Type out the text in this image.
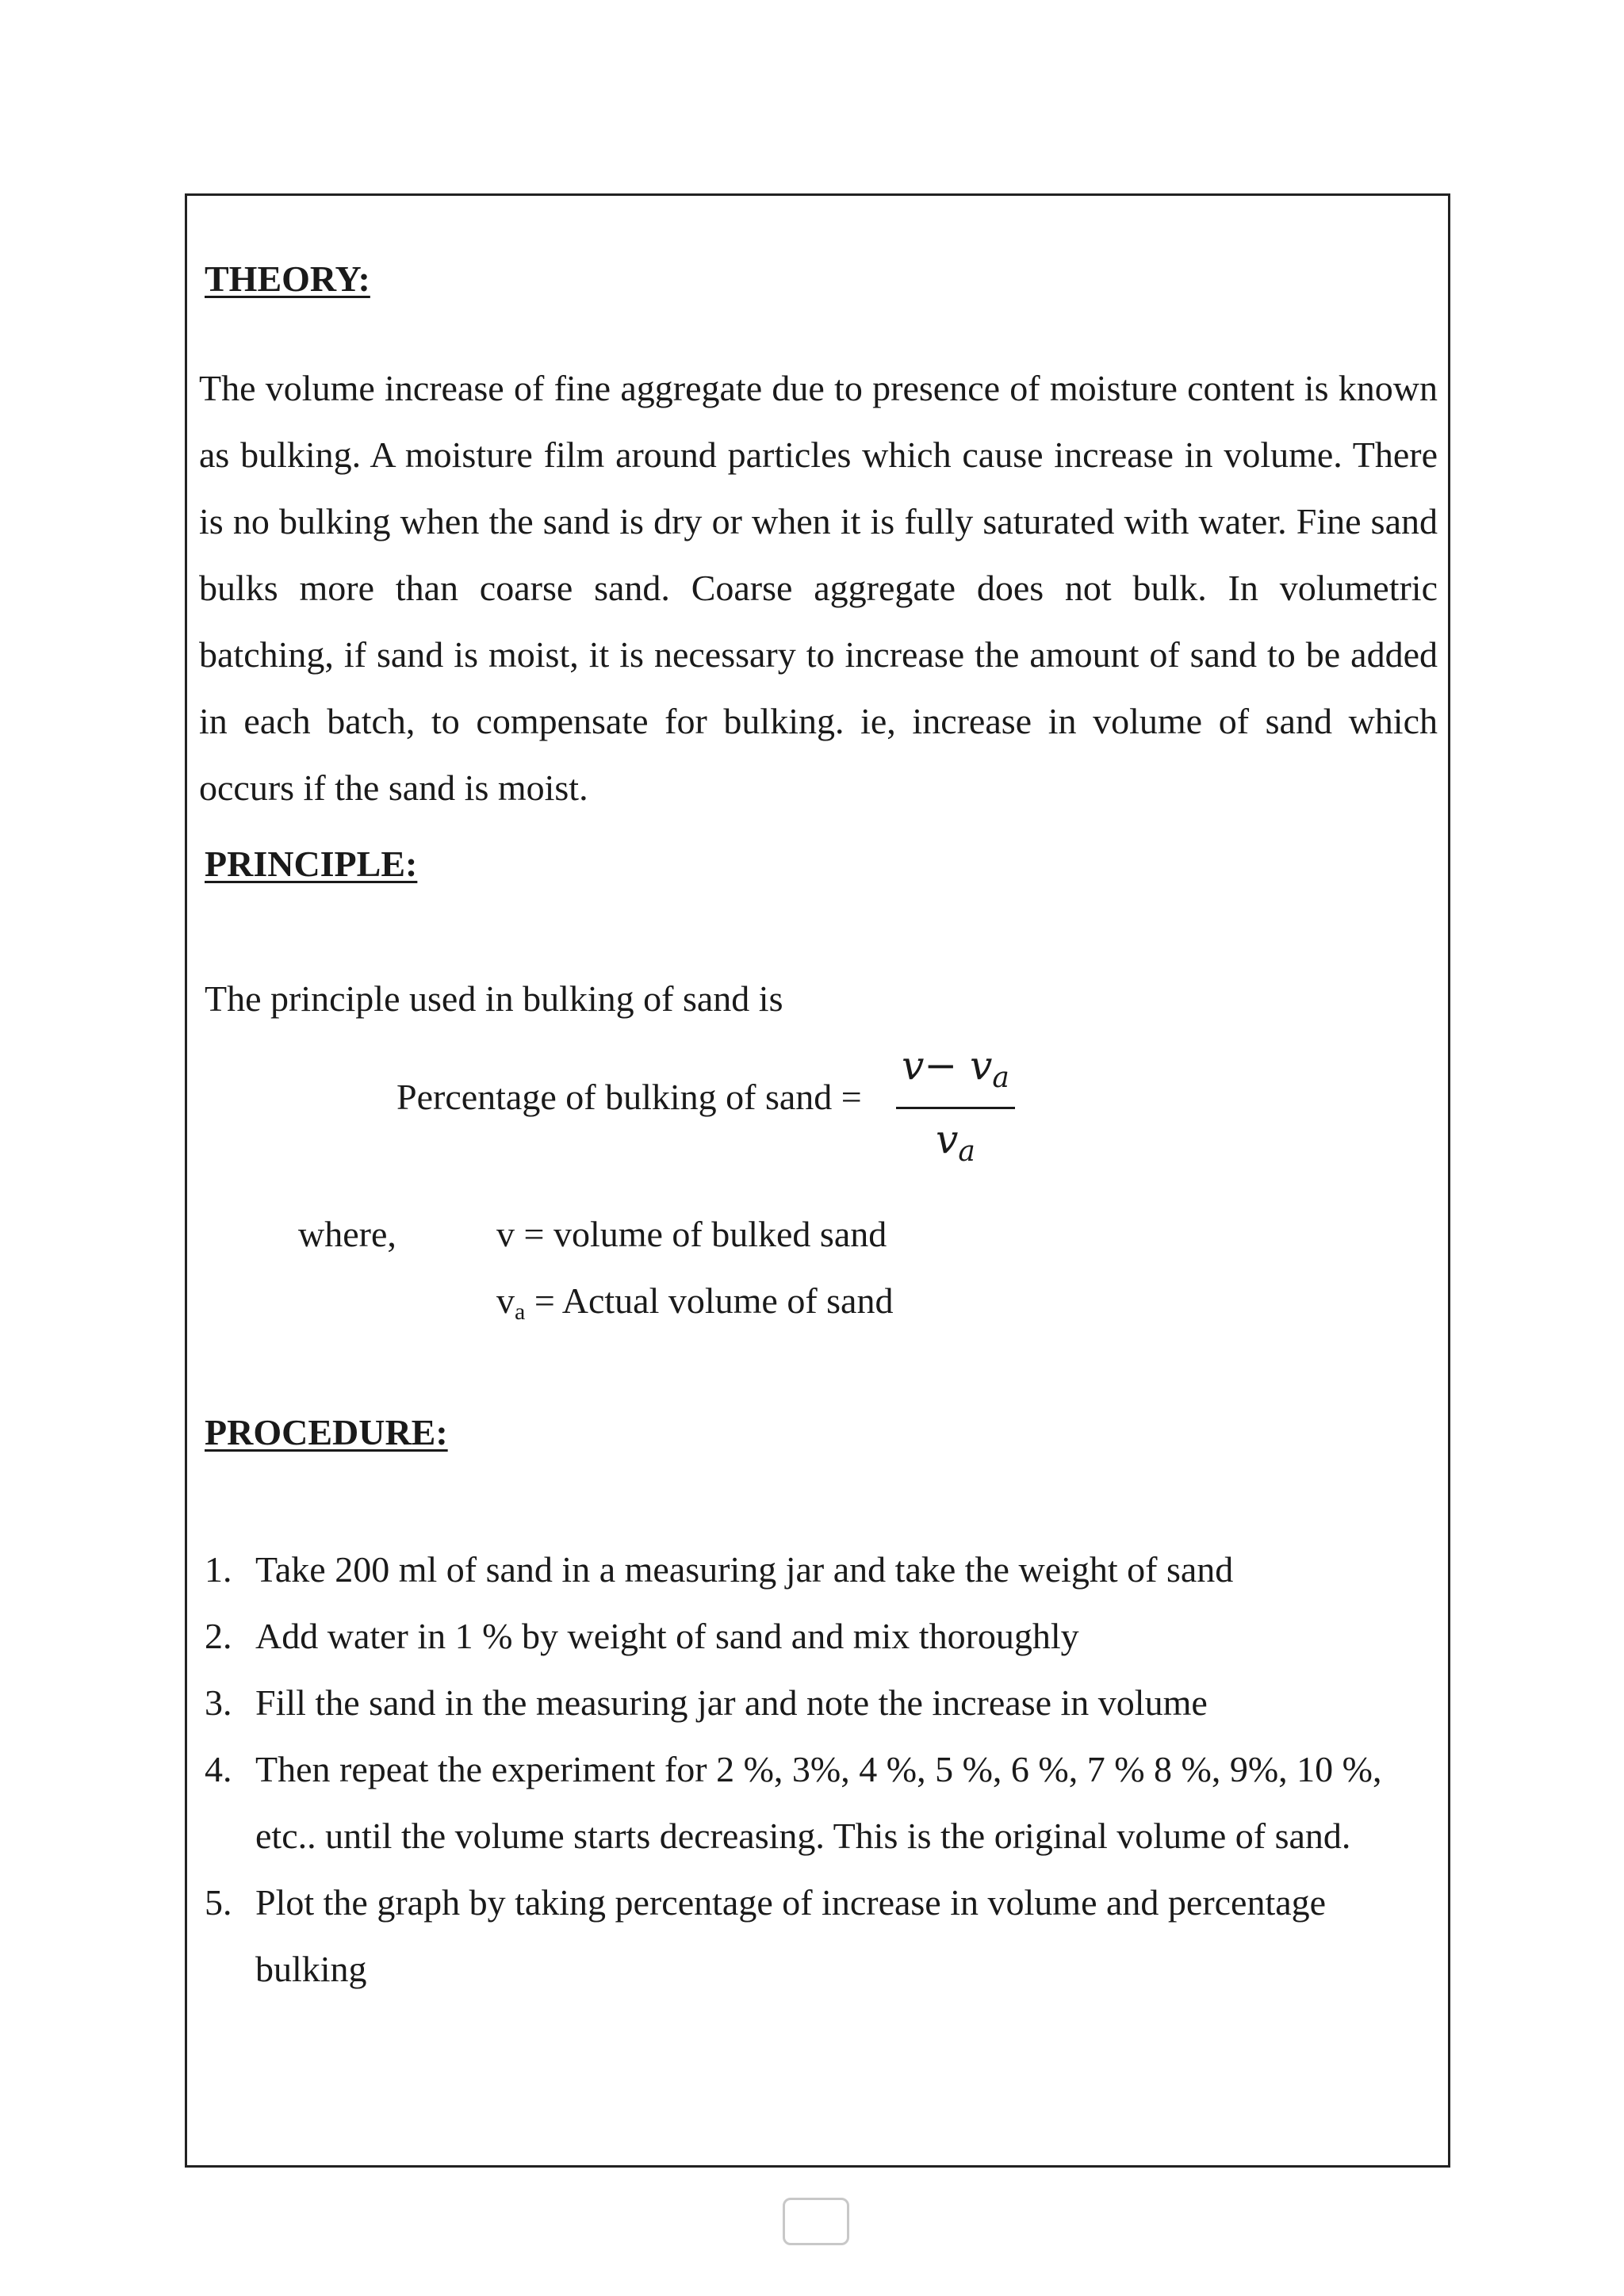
THEORY:

The volume increase of fine aggregate due to presence of moisture content is known as bulking. A moisture film around particles which cause increase in volume. There is no bulking when the sand is dry or when it is fully saturated with water. Fine sand bulks more than coarse sand. Coarse aggregate does not bulk. In volumetric batching, if sand is moist, it is necessary to increase the amount of sand to be added in each batch, to compensate for bulking. ie, increase in volume of sand which occurs if the sand is moist.

PRINCIPLE:

The principle used in bulking of sand is

Percentage of bulking of sand =
$v- v_a$
$v_a$
where,	v = volume of bulked sand
$v_a$ = Actual volume of sand
PROCEDURE:
1. Take 200 ml of sand in a measuring jar and take the weight of sand
2. Add water in 1 % by weight of sand and mix thoroughly
3. Fill the sand in the measuring jar and note the increase in volume
4. Then repeat the experiment for 2 %, 3%, 4 %, 5 %, 6 %, 7 % 8 %, 9%, 10 %, etc.. until the volume starts decreasing. This is the original volume of sand.
5. Plot the graph by taking percentage of increase in volume and percentage bulking
